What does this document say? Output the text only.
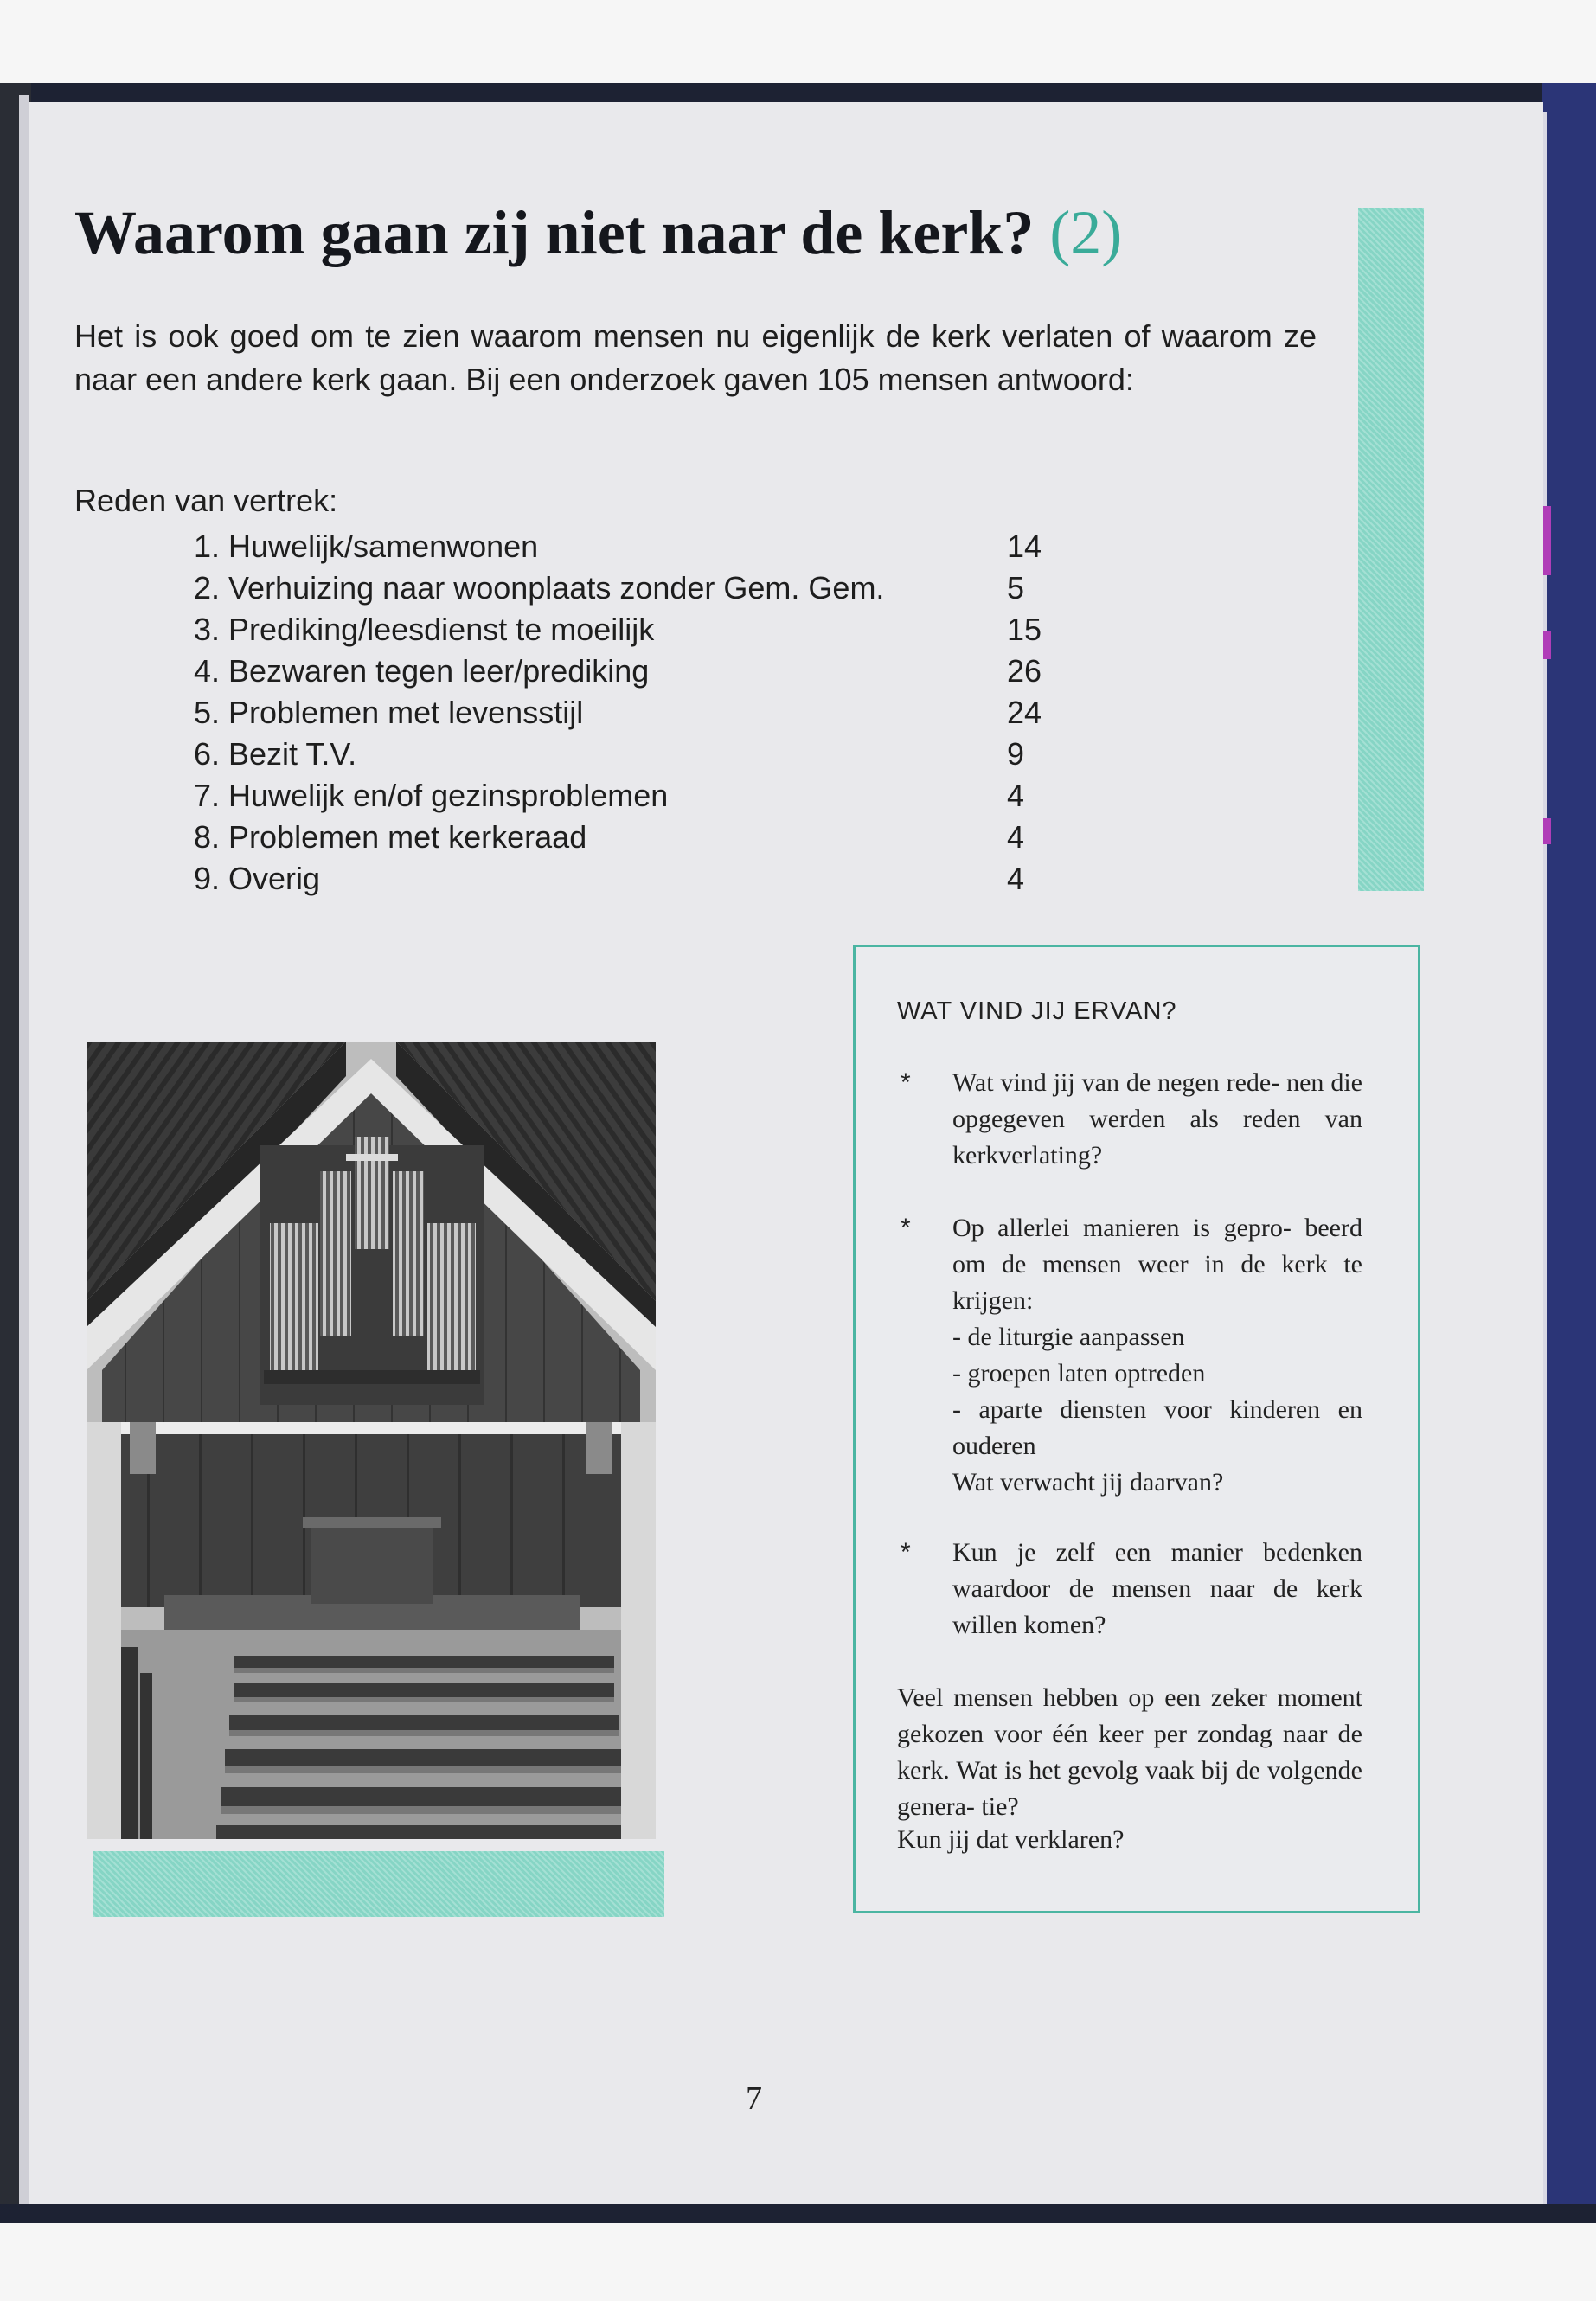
Waarom gaan zij niet naar de kerk? (2)

Het is ook goed om te zien waarom mensen nu eigenlijk de kerk verlaten of waarom ze naar een andere kerk gaan. Bij een onderzoek gaven 105 mensen antwoord:

Reden van vertrek:

1. Huwelijk/samenwonen	14
2. Verhuizing naar woonplaats zonder Gem. Gem.	5
3. Prediking/leesdienst te moeilijk	15
4. Bezwaren tegen leer/prediking	26
5. Problemen met levensstijl	24
6. Bezit T.V.	9
7. Huwelijk en/of gezinsproblemen	4
8. Problemen met kerkeraad	4
9. Overig	4

WAT VIND JIJ ERVAN?

* Wat vind jij van de negen rede- nen die opgegeven werden als reden van kerkverlating?

* Op allerlei manieren is gepro- beerd om de mensen weer in de kerk te krijgen:

- de liturgie aanpassen
- groepen laten optreden
- aparte diensten voor kinderen en ouderen

Wat verwacht jij daarvan?

* Kun je zelf een manier bedenken waardoor de mensen naar de kerk willen komen?

Veel mensen hebben op een zeker moment gekozen voor één keer per zondag naar de kerk. Wat is het gevolg vaak bij de volgende genera- tie?

Kun jij dat verklaren?

7
